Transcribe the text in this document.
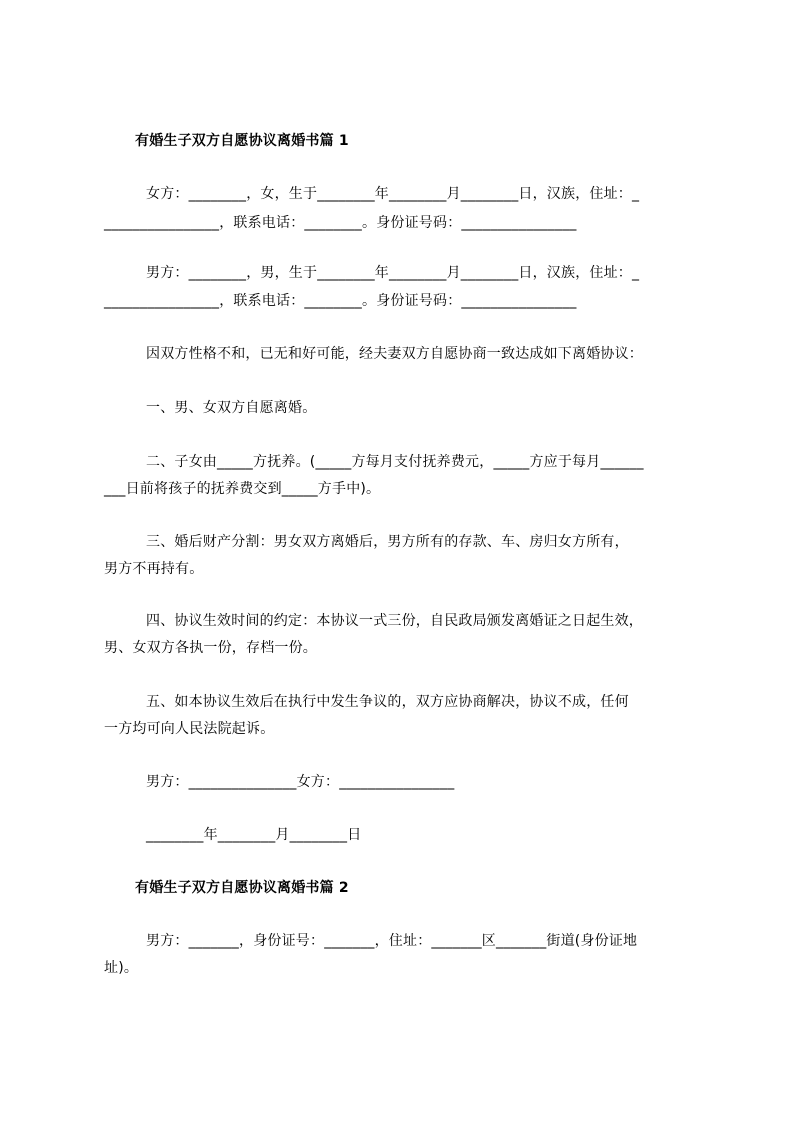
有婚生子双方自愿协议离婚书篇 1
女方：________，女，生于________年________月________日，汉族，住址：_
________________，联系电话：________。身份证号码：________________
男方：________，男，生于________年________月________日，汉族，住址：_
________________，联系电话：________。身份证号码：________________
因双方性格不和，已无和好可能，经夫妻双方自愿协商一致达成如下离婚协议：
一、男、女双方自愿离婚。
二、子女由_____方抚养。(_____方每月支付抚养费元，_____方应于每月______
___日前将孩子的抚养费交到_____方手中)。
三、婚后财产分割：男女双方离婚后，男方所有的存款、车、房归女方所有，
男方不再持有。
四、协议生效时间的约定：本协议一式三份，自民政局颁发离婚证之日起生效，
男、女双方各执一份，存档一份。
五、如本协议生效后在执行中发生争议的，双方应协商解决，协议不成，任何
一方均可向人民法院起诉。
男方：_______________女方：________________
________年________月________日
有婚生子双方自愿协议离婚书篇 2
男方：_______，身份证号：_______，住址：_______区_______街道(身份证地
址)。
